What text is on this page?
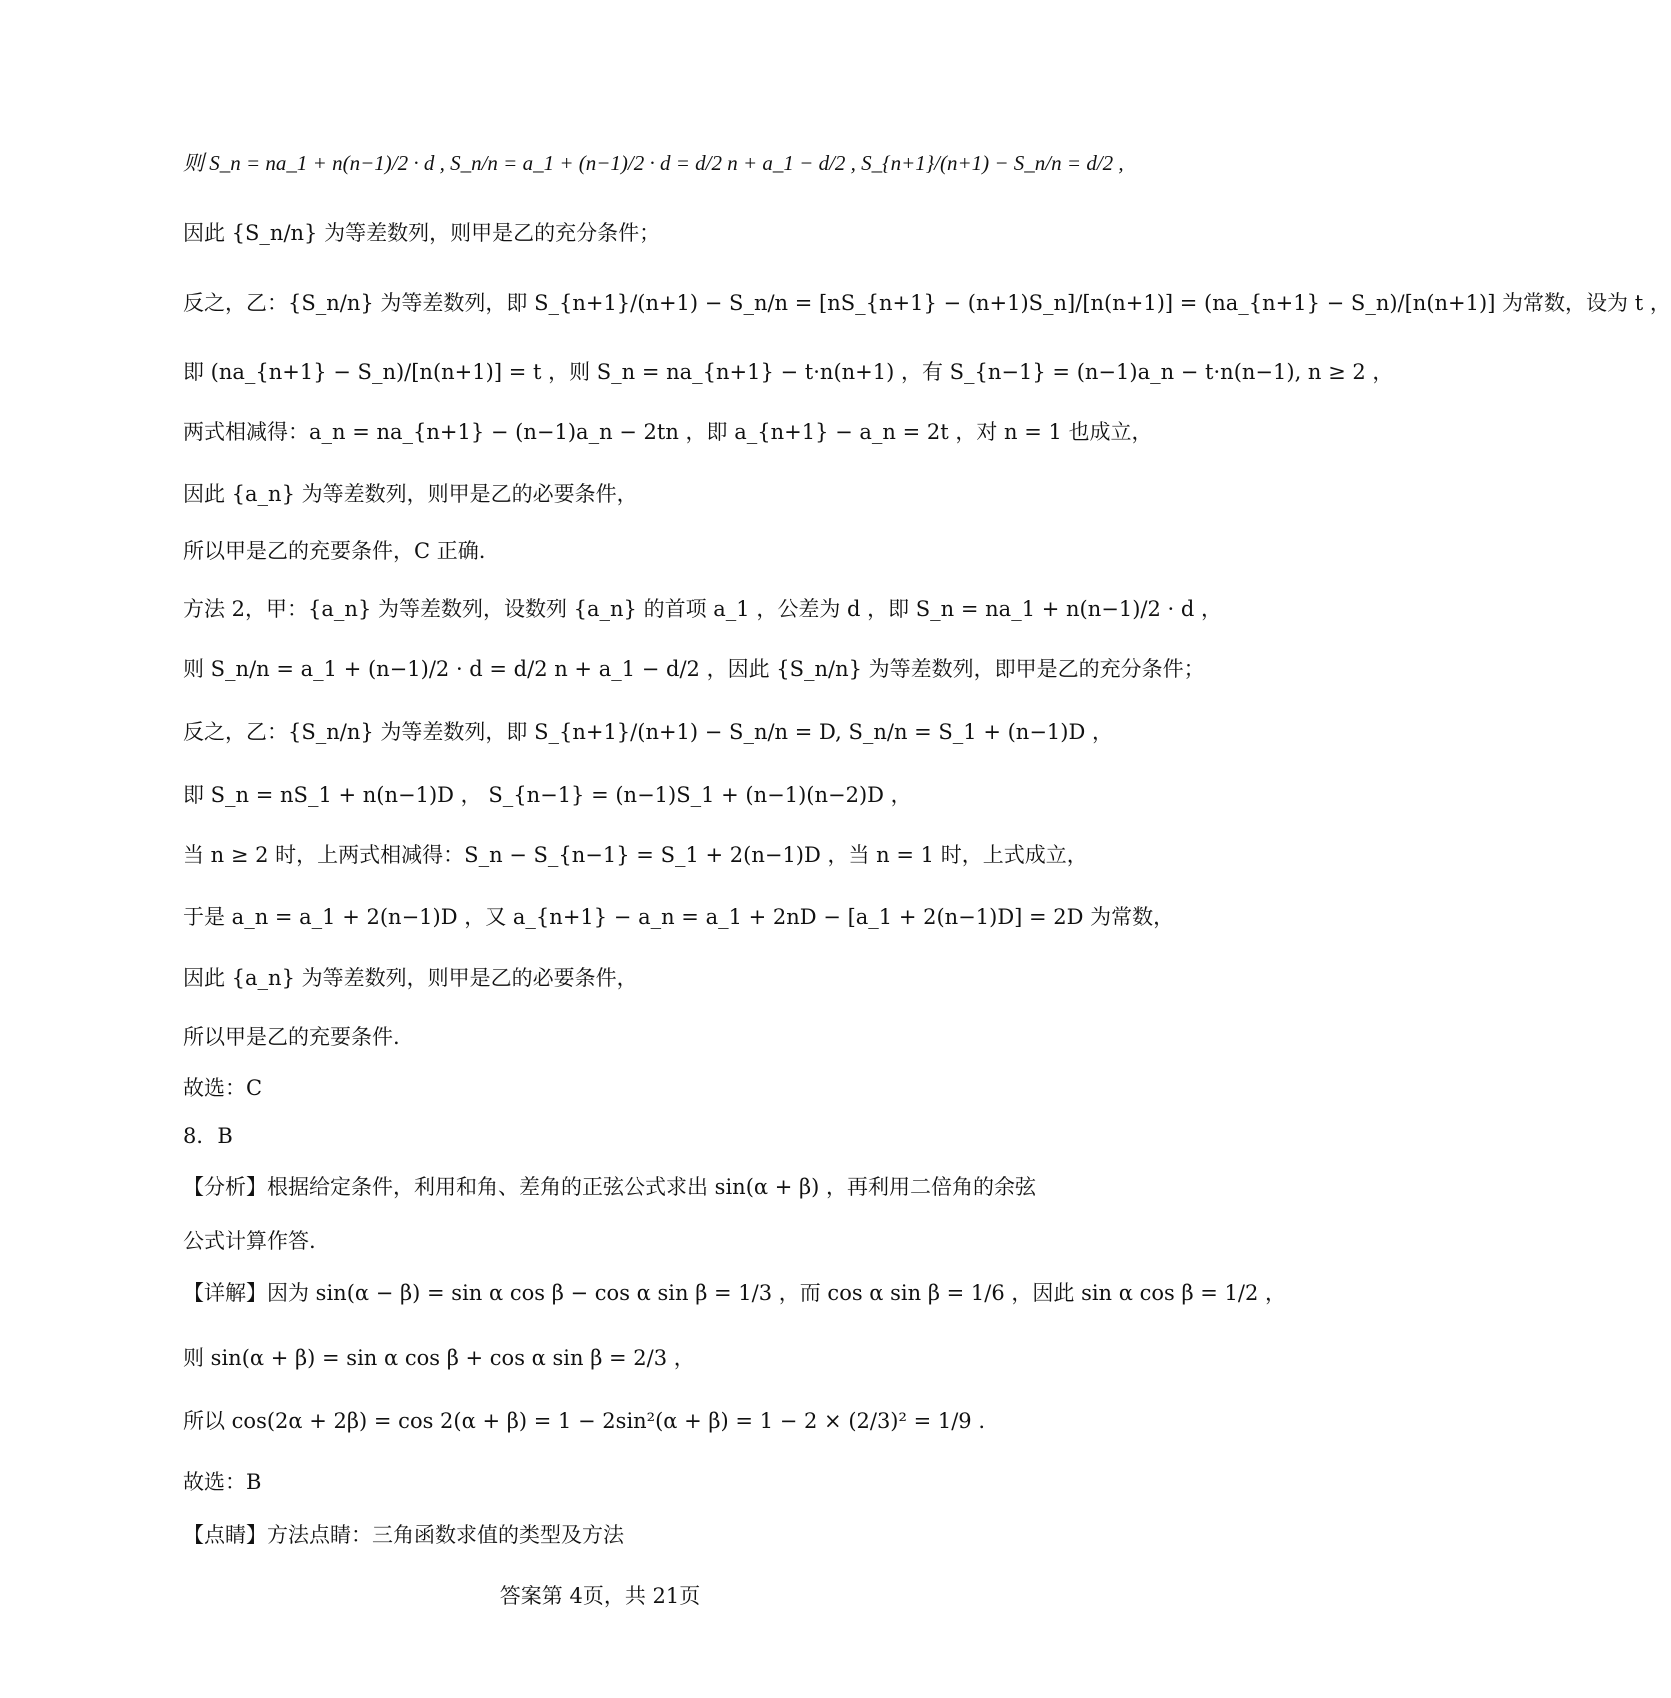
则 S_n = na_1 + n(n−1)/2 · d , S_n/n = a_1 + (n−1)/2 · d = d/2 n + a_1 − d/2 , S_{n+1}/(n+1) − S_n/n = d/2 ,
因此 {S_n/n} 为等差数列，则甲是乙的充分条件；
反之，乙：{S_n/n} 为等差数列，即 S_{n+1}/(n+1) − S_n/n = [nS_{n+1} − (n+1)S_n]/[n(n+1)] = (na_{n+1} − S_n)/[n(n+1)] 为常数，设为 t ，
即 (na_{n+1} − S_n)/[n(n+1)] = t ，则 S_n = na_{n+1} − t·n(n+1) ，有 S_{n−1} = (n−1)a_n − t·n(n−1), n ≥ 2 ，
两式相减得：a_n = na_{n+1} − (n−1)a_n − 2tn ，即 a_{n+1} − a_n = 2t ，对 n = 1 也成立，
因此 {a_n} 为等差数列，则甲是乙的必要条件，
所以甲是乙的充要条件，C 正确.
方法 2，甲：{a_n} 为等差数列，设数列 {a_n} 的首项 a_1 ，公差为 d ，即 S_n = na_1 + n(n−1)/2 · d ，
则 S_n/n = a_1 + (n−1)/2 · d = d/2 n + a_1 − d/2 ，因此 {S_n/n} 为等差数列，即甲是乙的充分条件；
反之，乙：{S_n/n} 为等差数列，即 S_{n+1}/(n+1) − S_n/n = D, S_n/n = S_1 + (n−1)D ，
即 S_n = nS_1 + n(n−1)D ， S_{n−1} = (n−1)S_1 + (n−1)(n−2)D ，
当 n ≥ 2 时，上两式相减得：S_n − S_{n−1} = S_1 + 2(n−1)D ，当 n = 1 时，上式成立，
于是 a_n = a_1 + 2(n−1)D ，又 a_{n+1} − a_n = a_1 + 2nD − [a_1 + 2(n−1)D] = 2D 为常数，
因此 {a_n} 为等差数列，则甲是乙的必要条件，
所以甲是乙的充要条件.
故选：C
8．B
【分析】根据给定条件，利用和角、差角的正弦公式求出 sin(α + β) ，再利用二倍角的余弦
公式计算作答.
【详解】因为 sin(α − β) = sin α cos β − cos α sin β = 1/3 ，而 cos α sin β = 1/6 ，因此 sin α cos β = 1/2 ，
则 sin(α + β) = sin α cos β + cos α sin β = 2/3 ，
所以 cos(2α + 2β) = cos 2(α + β) = 1 − 2sin²(α + β) = 1 − 2 × (2/3)² = 1/9 .
故选：B
【点睛】方法点睛：三角函数求值的类型及方法
答案第 4页，共 21页
